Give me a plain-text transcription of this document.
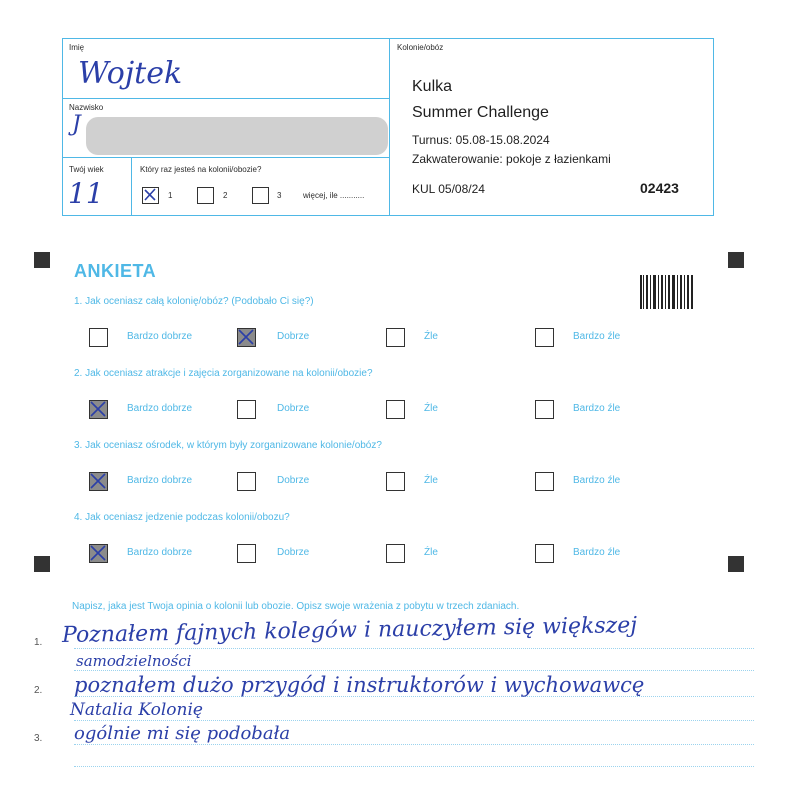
Imię
Wojtek
Nazwisko
J
Twój wiek
11
Który raz jesteś na kolonii/obozie?
1	2	3	więcej, ile ...........
Kolonie/obóz
Kulka
Summer Challenge
Turnus: 05.08-15.08.2024
Zakwaterowanie: pokoje z łazienkami
KUL 05/08/24	02423
ANKIETA
1. Jak oceniasz całą kolonię/obóz? (Podobało Ci się?)
Bardzo dobrze	Dobrze	Źle	Bardzo źle
2. Jak oceniasz atrakcje i zajęcia zorganizowane na kolonii/obozie?
Bardzo dobrze	Dobrze	Źle	Bardzo źle
3. Jak oceniasz ośrodek, w którym były zorganizowane kolonie/obóz?
Bardzo dobrze	Dobrze	Źle	Bardzo źle
4. Jak oceniasz jedzenie podczas kolonii/obozu?
Bardzo dobrze	Dobrze	Źle	Bardzo źle
Napisz, jaka jest Twoja opinia o kolonii lub obozie. Opisz swoje wrażenia z pobytu w trzech zdaniach.
1.
2.
3.
Poznałem fajnych kolegów i nauczyłem się większej
samodzielności
poznałem dużo przygód i instruktorów i wychowawcę
Natalia Kolonię
ogólnie mi się podobała
